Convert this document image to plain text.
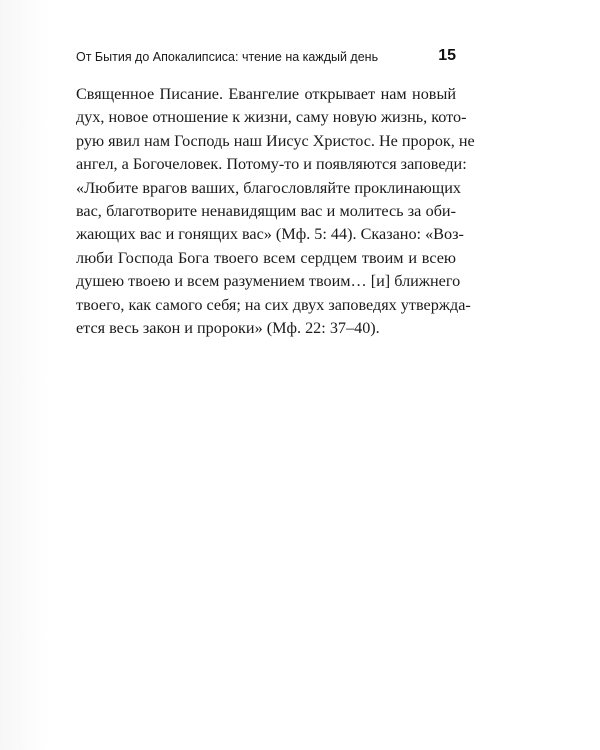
От Бытия до Апокалипсиса: чтение на каждый день	15
Священное Писание. Евангелие открывает нам новый
дух, новое отношение к жизни, саму новую жизнь, кото-
рую явил нам Господь наш Иисус Христос. Не пророк, не
ангел, а Богочеловек. Потому-то и появляются заповеди:
«Любите врагов ваших, благословляйте проклинающих
вас, благотворите ненавидящим вас и молитесь за оби-
жающих вас и гонящих вас» (Мф. 5: 44). Сказано: «Воз-
люби Господа Бога твоего всем сердцем твоим и всею
душею твоею и всем разумением твоим… [и] ближнего
твоего, как самого себя; на сих двух заповедях утвержда-
ется весь закон и пророки» (Мф. 22: 37–40).
